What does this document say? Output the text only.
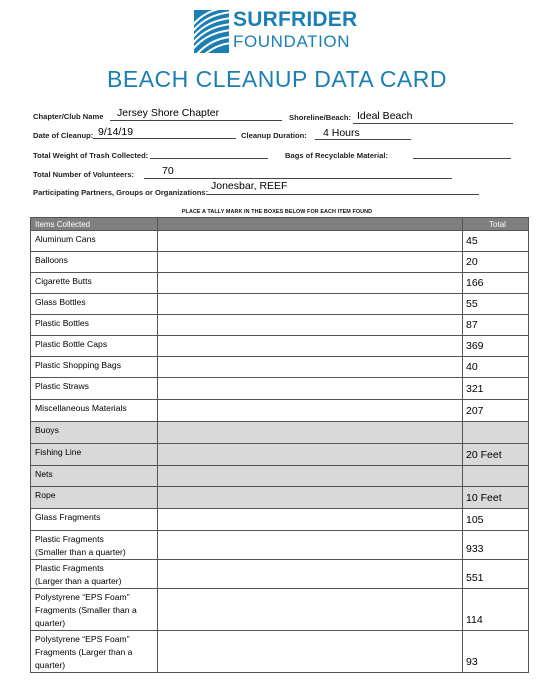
SURFRIDER
FOUNDATION
BEACH CLEANUP DATA CARD
Chapter/Club Name Jersey Shore Chapter	Shoreline/Beach: Ideal Beach
Date of Cleanup: 9/14/19	Cleanup Duration: 4 Hours
Total Weight of Trash Collected:	Bags of Recyclable Material:
Total Number of Volunteers:	70
Participating Partners, Groups or Organizations:
Jonesbar, REEF
PLACE A TALLY MARK IN THE BOXES BELOW FOR EACH ITEM FOUND
Items Collected		Total

Aluminum Cans		45

Balloons		20

Cigarette Butts		166

Glass Bottles		55

Plastic Bottles		87

Plastic Bottle Caps		369

Plastic Shopping Bags		40

Plastic Straws		321

Miscellaneous Materials		207

Buoys		

Fishing Line		20 Feet

Nets		

Rope		10 Feet

Glass Fragments		105

Plastic Fragments
(Smaller than a quarter)		933

Plastic Fragments
(Larger than a quarter)		551

Polystyrene “EPS Foam”
Fragments (Smaller than a
quarter)		114

Polystyrene “EPS Foam”
Fragments (Larger than a
quarter)		93
